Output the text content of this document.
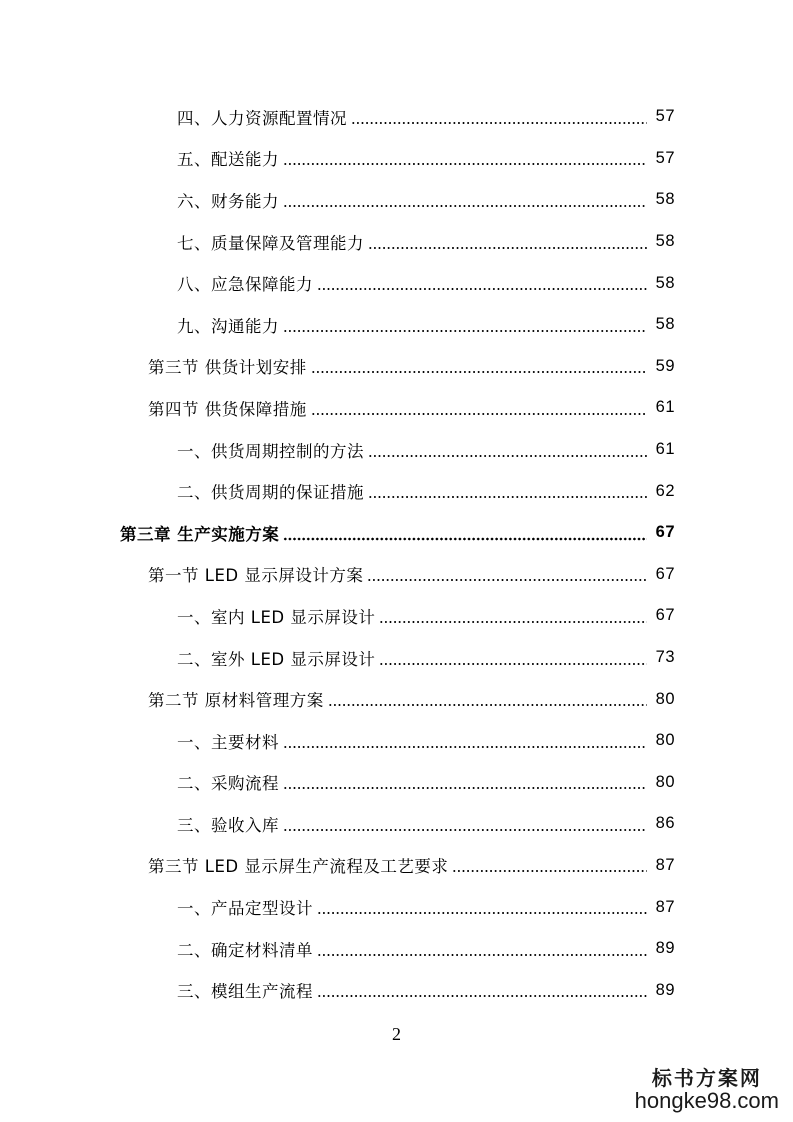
四、人力资源配置情况	57
五、配送能力	57
六、财务能力	58
七、质量保障及管理能力	58
八、应急保障能力	58
九、沟通能力	58
第三节 供货计划安排	59
第四节 供货保障措施	61
一、供货周期控制的方法	61
二、供货周期的保证措施	62
第三章 生产实施方案	67
第一节 LED 显示屏设计方案	67
一、室内 LED 显示屏设计	67
二、室外 LED 显示屏设计	73
第二节 原材料管理方案	80
一、主要材料	80
二、采购流程	80
三、验收入库	86
第三节 LED 显示屏生产流程及工艺要求	87
一、产品定型设计	87
二、确定材料清单	89
三、模组生产流程	89
2
标书方案网
hongke98.com
